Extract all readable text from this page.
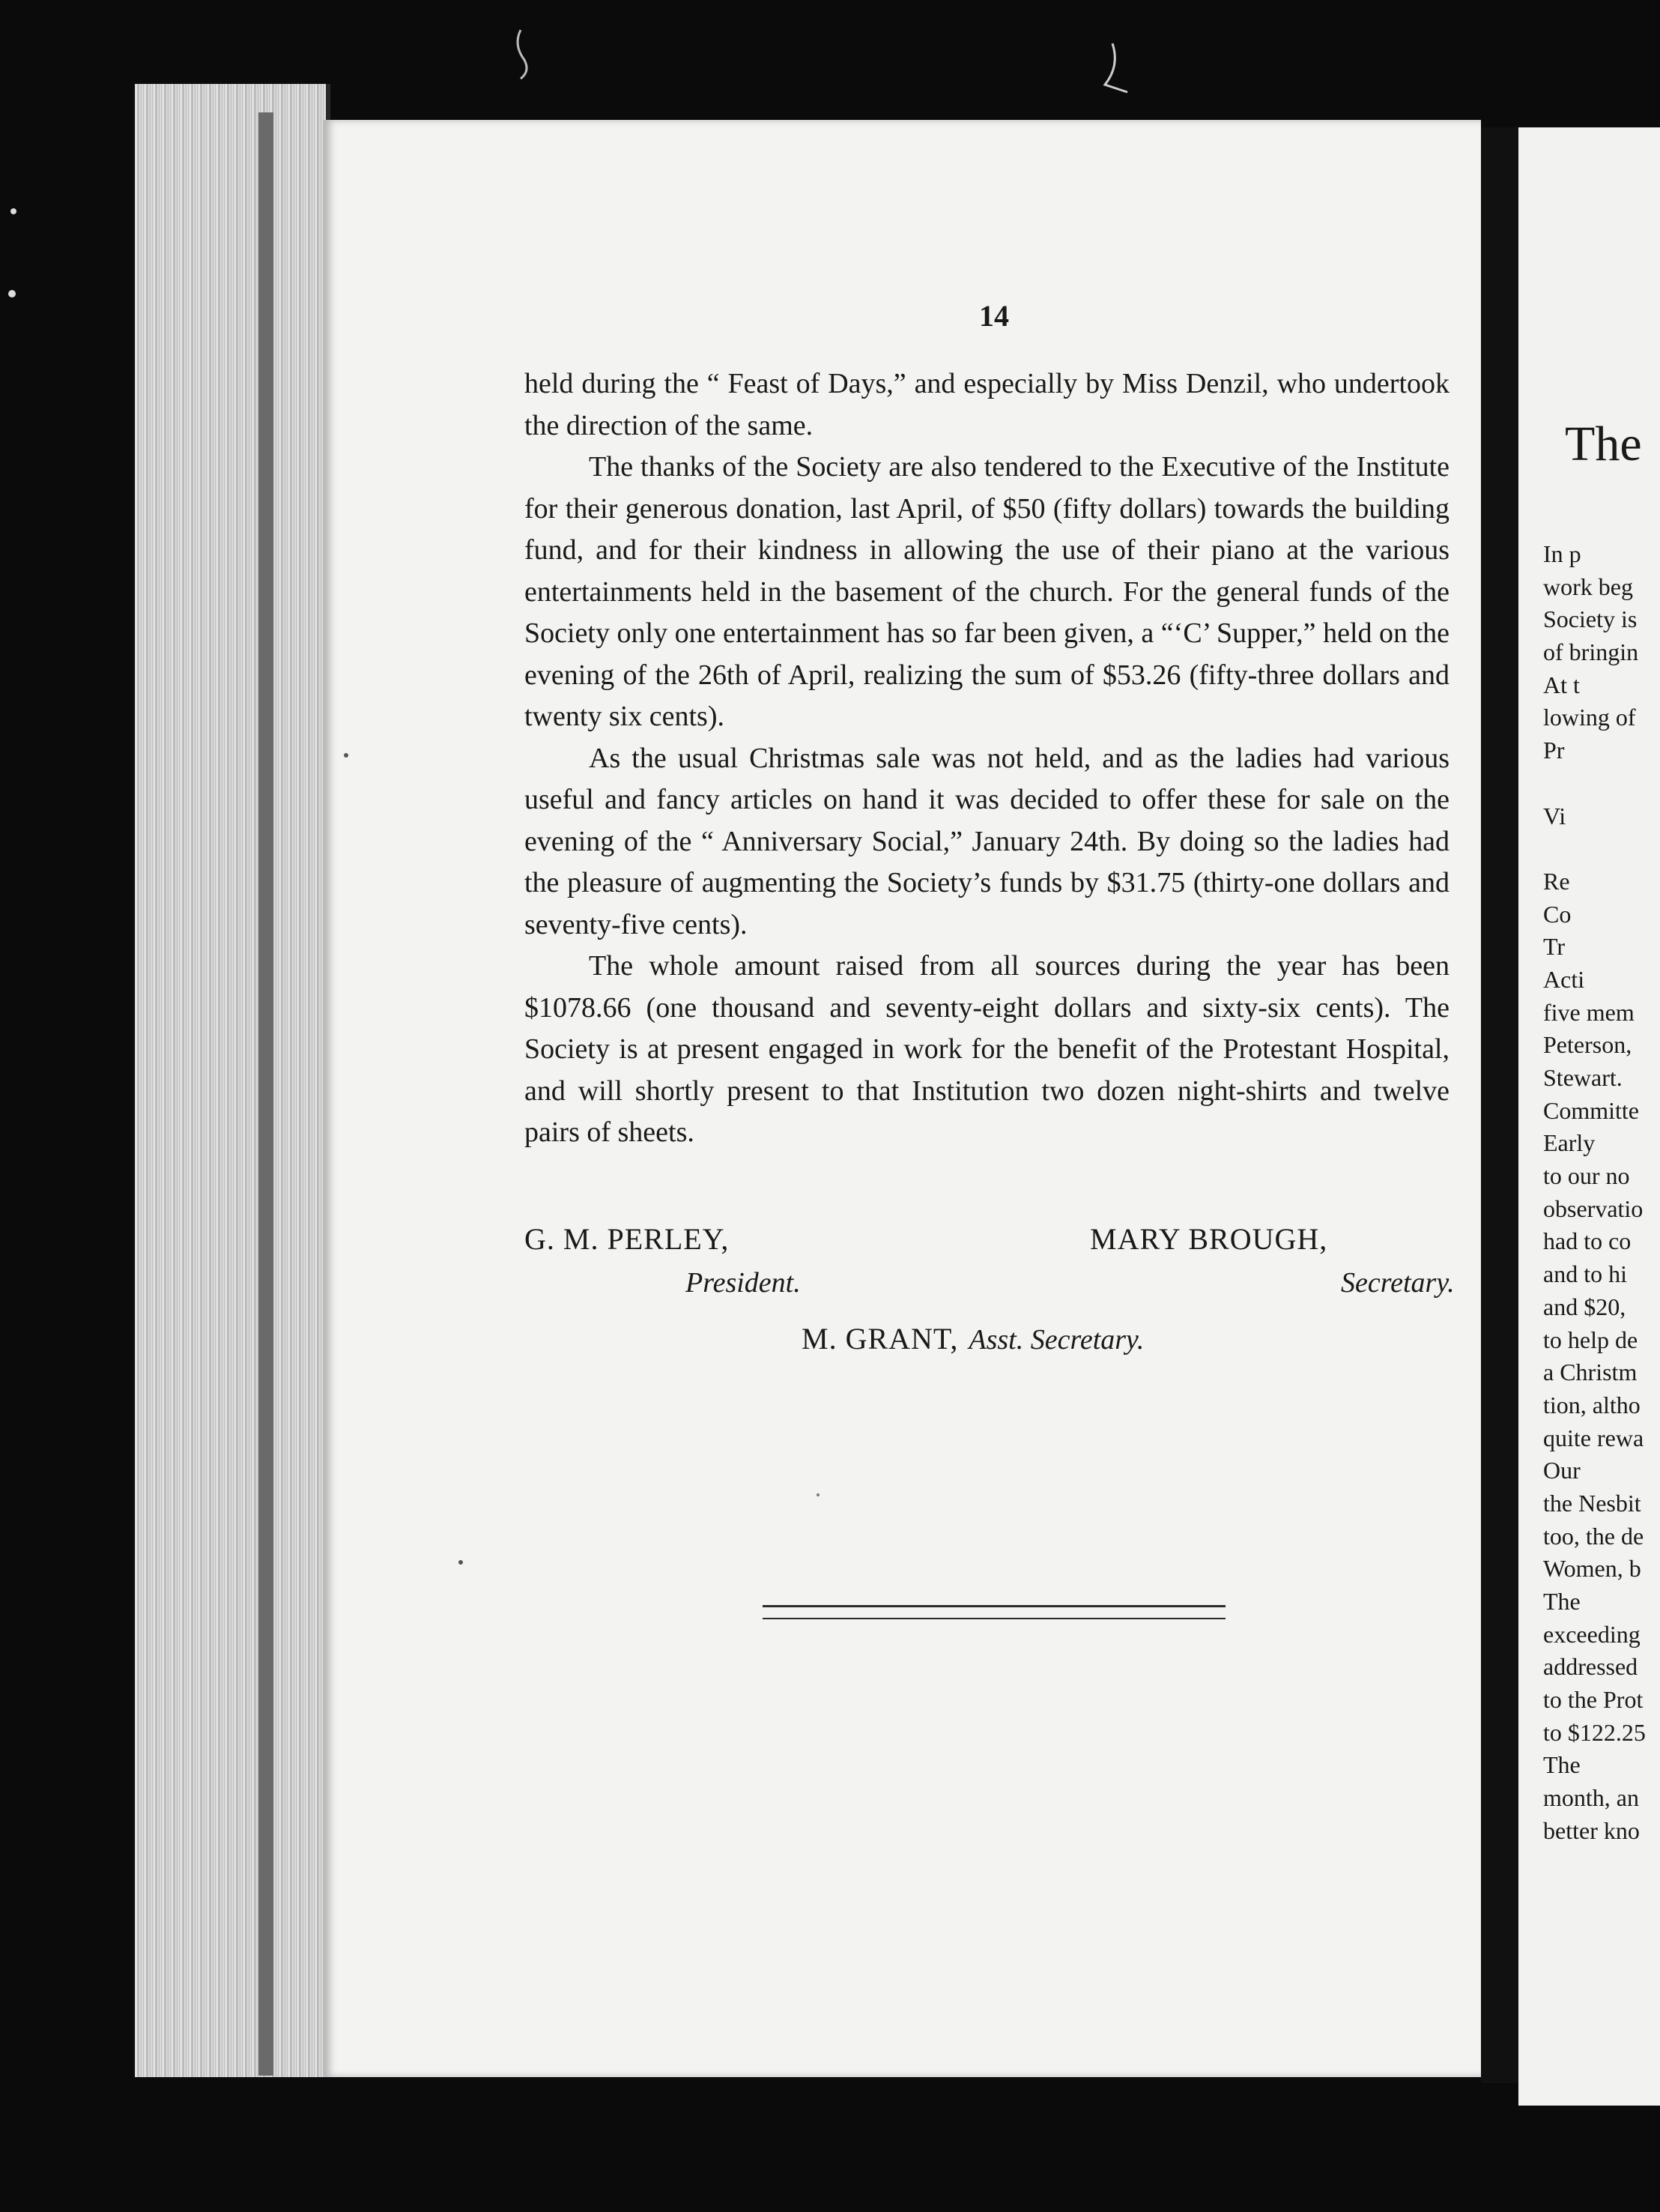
14

held during the “ Feast of Days,” and especially by Miss Denzil, who undertook the direction of the same.

The thanks of the Society are also tendered to the Executive of the Institute for their generous donation, last April, of $50 (fifty dollars) towards the building fund, and for their kindness in allowing the use of their piano at the various entertainments held in the basement of the church. For the general funds of the Society only one entertainment has so far been given, a “‘C’ Supper,” held on the evening of the 26th of April, realizing the sum of $53.26 (fifty-three dollars and twenty six cents).

As the usual Christmas sale was not held, and as the ladies had various useful and fancy articles on hand it was decided to offer these for sale on the evening of the “ Anniversary Social,” January 24th. By doing so the ladies had the pleasure of augmenting the Society’s funds by $31.75 (thirty-one dollars and seventy-five cents).

The whole amount raised from all sources during the year has been $1078.66 (one thousand and seventy-eight dollars and sixty-six cents). The Society is at present engaged in work for the benefit of the Protestant Hospital, and will shortly present to that Institution two dozen night-shirts and twelve pairs of sheets.

G. M. PERLEY,
President.
MARY BROUGH,
Secretary.
M. GRANT, Asst. Secretary.
The
In p
work beg
Society is
of bringin
At t
lowing of
Pr
Vi
Re
Co
Tr
Acti
five mem
Peterson,
Stewart.
Committe
Early
to our no
observatio
had to co
and to hi
and $20,
to help de
a Christm
tion, altho
quite rewa
Our
the Nesbit
too, the de
Women, b
The
exceeding
addressed
to the Prot
to $122.25
The
month, an
better kno
